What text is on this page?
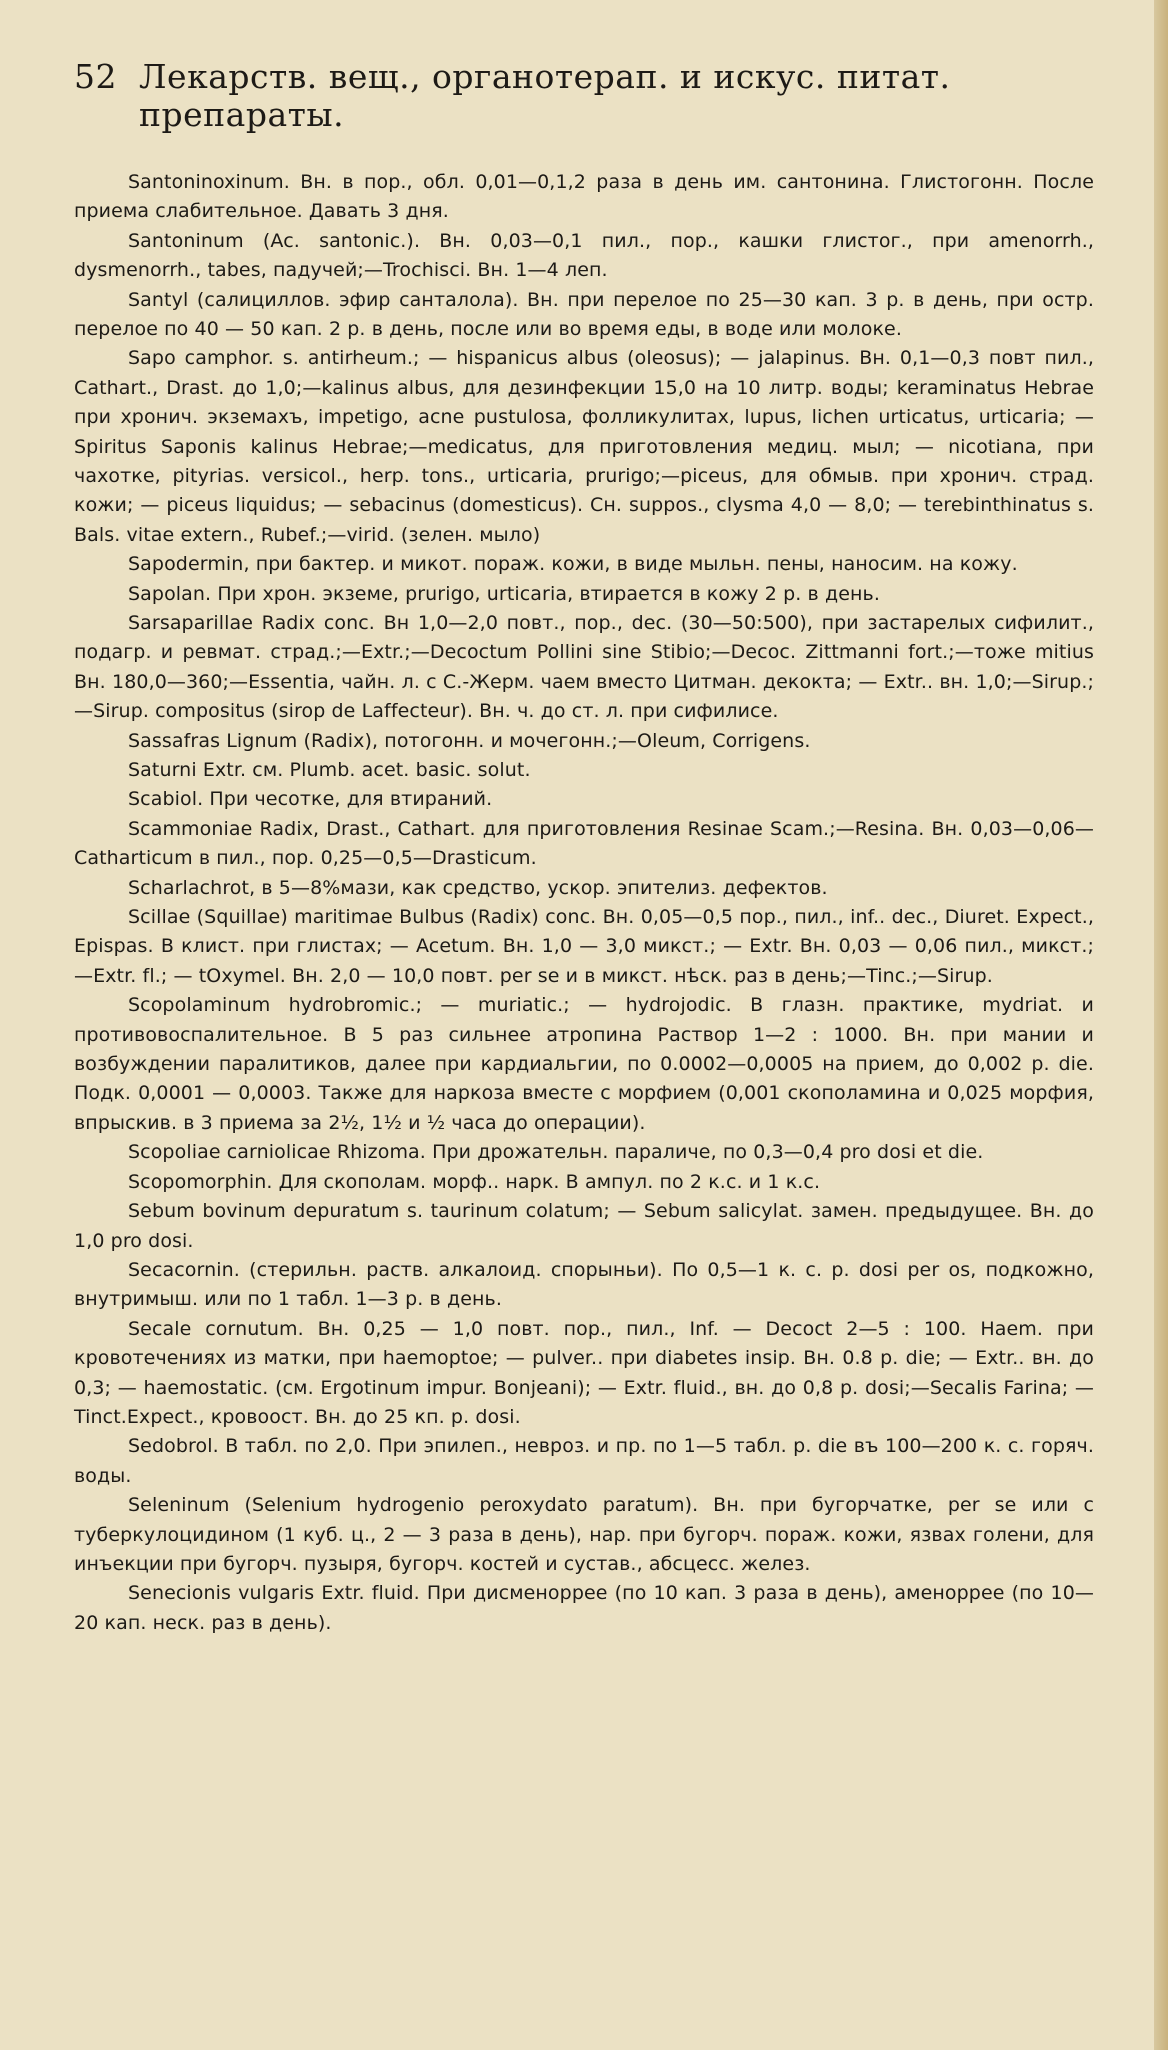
52 Лекарств. вещ., органотерап. и искус. питат. препараты.

Santoninoxinum. Вн. в пор., обл. 0,01—0,1,2 раза в день им. сантонина. Глистогонн. После приема слабительное. Давать 3 дня.

Santoninum (Ac. santonic.). Вн. 0,03—0,1 пил., пор., кашки глистог., при amenorrh., dysmenorrh., tabes, падучей;—Trochisci. Вн. 1—4 леп.

Santyl (салициллов. эфир санталола). Вн. при перелое по 25—30 кап. 3 р. в день, при остр. перелое по 40 — 50 кап. 2 р. в день, после или во время еды, в воде или молоке.

Sapo camphor. s. antirheum.; — hispanicus albus (oleosus); — jalapinus. Вн. 0,1—0,3 повт пил., Cathart., Drast. до 1,0;—kalinus albus, для дезинфекции 15,0 на 10 литр. воды; keraminatus Hebrae при хронич. экземахъ, impetigo, acne pustulosa, фолликулитах, lupus, lichen urticatus, urticaria; — Spiritus Saponis kalinus Hebrae;—medicatus, для приготовления медиц. мыл; — nicotiana, при чахотке, pityrias. versicol., herp. tons., urticaria, prurigo;—piceus, для обмыв. при хронич. страд. кожи; — piceus liquidus; — sebacinus (domesticus). Сн. suppos., clysma 4,0 — 8,0; — terebinthinatus s. Bals. vitae extern., Rubef.;—virid. (зелен. мыло)

Sapodermin, при бактер. и микот. пораж. кожи, в виде мыльн. пены, наносим. на кожу.

Sapolan. При хрон. экземе, prurigo, urticaria, втирается в кожу 2 р. в день.

Sarsaparillae Radix conc. Вн 1,0—2,0 повт., пор., dec. (30—50:500), при застарелых сифилит., подагр. и ревмат. страд.;—Extr.;—Decoctum Pollini sine Stibio;—Decoc. Zittmanni fort.;—тоже mitius Вн. 180,0—360;—Essentia, чайн. л. с С.-Жерм. чаем вместо Цитман. декокта; — Extr.. вн. 1,0;—Sirup.;—Sirup. compositus (sirop de Laffecteur). Вн. ч. до ст. л. при сифилисе.

Sassafras Lignum (Radix), потогонн. и мочегонн.;—Oleum, Corrigens.

Saturni Extr. см. Plumb. acet. basic. solut.

Scabiol. При чесотке, для втираний.

Scammoniae Radix, Drast., Cathart. для приготовления Resinae Scam.;—Resina. Вн. 0,03—0,06—Catharticum в пил., пор. 0,25—0,5—Drasticum.

Scharlachrot, в 5—8%мази, как средство, ускор. эпителиз. дефектов.

Scillae (Squillae) maritimae Bulbus (Radix) conc. Вн. 0,05—0,5 пор., пил., inf.. dec., Diuret. Expect., Epispas. В клист. при глистах; — Acetum. Вн. 1,0 — 3,0 микст.; — Extr. Вн. 0,03 — 0,06 пил., микст.;—Extr. fl.; — tOxymel. Вн. 2,0 — 10,0 повт. per se и в микст. нѣск. раз в день;—Tinc.;—Sirup.

Scopolaminum hydrobromic.; — muriatic.; — hydrojodic. В глазн. практике, mydriat. и противовоспалительное. В 5 раз сильнее атропина Раствор 1—2 : 1000. Вн. при мании и возбуждении паралитиков, далее при кардиальгии, по 0.0002—0,0005 на прием, до 0,002 р. die. Подк. 0,0001 — 0,0003. Также для наркоза вместе с морфием (0,001 скополамина и 0,025 морфия, впрыскив. в 3 приема за 2½, 1½ и ½ часа до операции).

Scopoliae carniolicae Rhizoma. При дрожательн. параличе, по 0,3—0,4 pro dosi et die.

Scopomorphin. Для скополам. морф.. нарк. В ампул. по 2 к.с. и 1 к.с.

Sebum bovinum depuratum s. taurinum colatum; — Sebum salicylat. замен. предыдущее. Вн. до 1,0 pro dosi.

Secacornin. (стерильн. раств. алкалоид. спорыньи). По 0,5—1 к. с. p. dosi per os, подкожно, внутримыш. или по 1 табл. 1—3 р. в день.

Secale cornutum. Вн. 0,25 — 1,0 повт. пор., пил., Inf. — Decoct 2—5 : 100. Haem. при кровотечениях из матки, при haemoptoe; — pulver.. при diabetes insip. Вн. 0.8 p. die; — Extr.. вн. до 0,3; — haemostatic. (см. Ergotinum impur. Bonjeani); — Extr. fluid., вн. до 0,8 p. dosi;—Secalis Farina; — Tinct.Expect., кровоост. Вн. до 25 кп. p. dosi.

Sedobrol. В табл. по 2,0. При эпилеп., невроз. и пр. по 1—5 табл. p. die въ 100—200 к. с. горяч. воды.

Seleninum (Selenium hydrogenio peroxydato paratum). Вн. при бугорчатке, per se или с туберкулоцидином (1 куб. ц., 2 — 3 раза в день), нар. при бугорч. пораж. кожи, язвах голени, для инъекции при бугорч. пузыря, бугорч. костей и сустав., абсцесс. желез.

Senecionis vulgaris Extr. fluid. При дисменоррее (по 10 кап. 3 раза в день), аменоррее (по 10—20 кап. неск. раз в день).
